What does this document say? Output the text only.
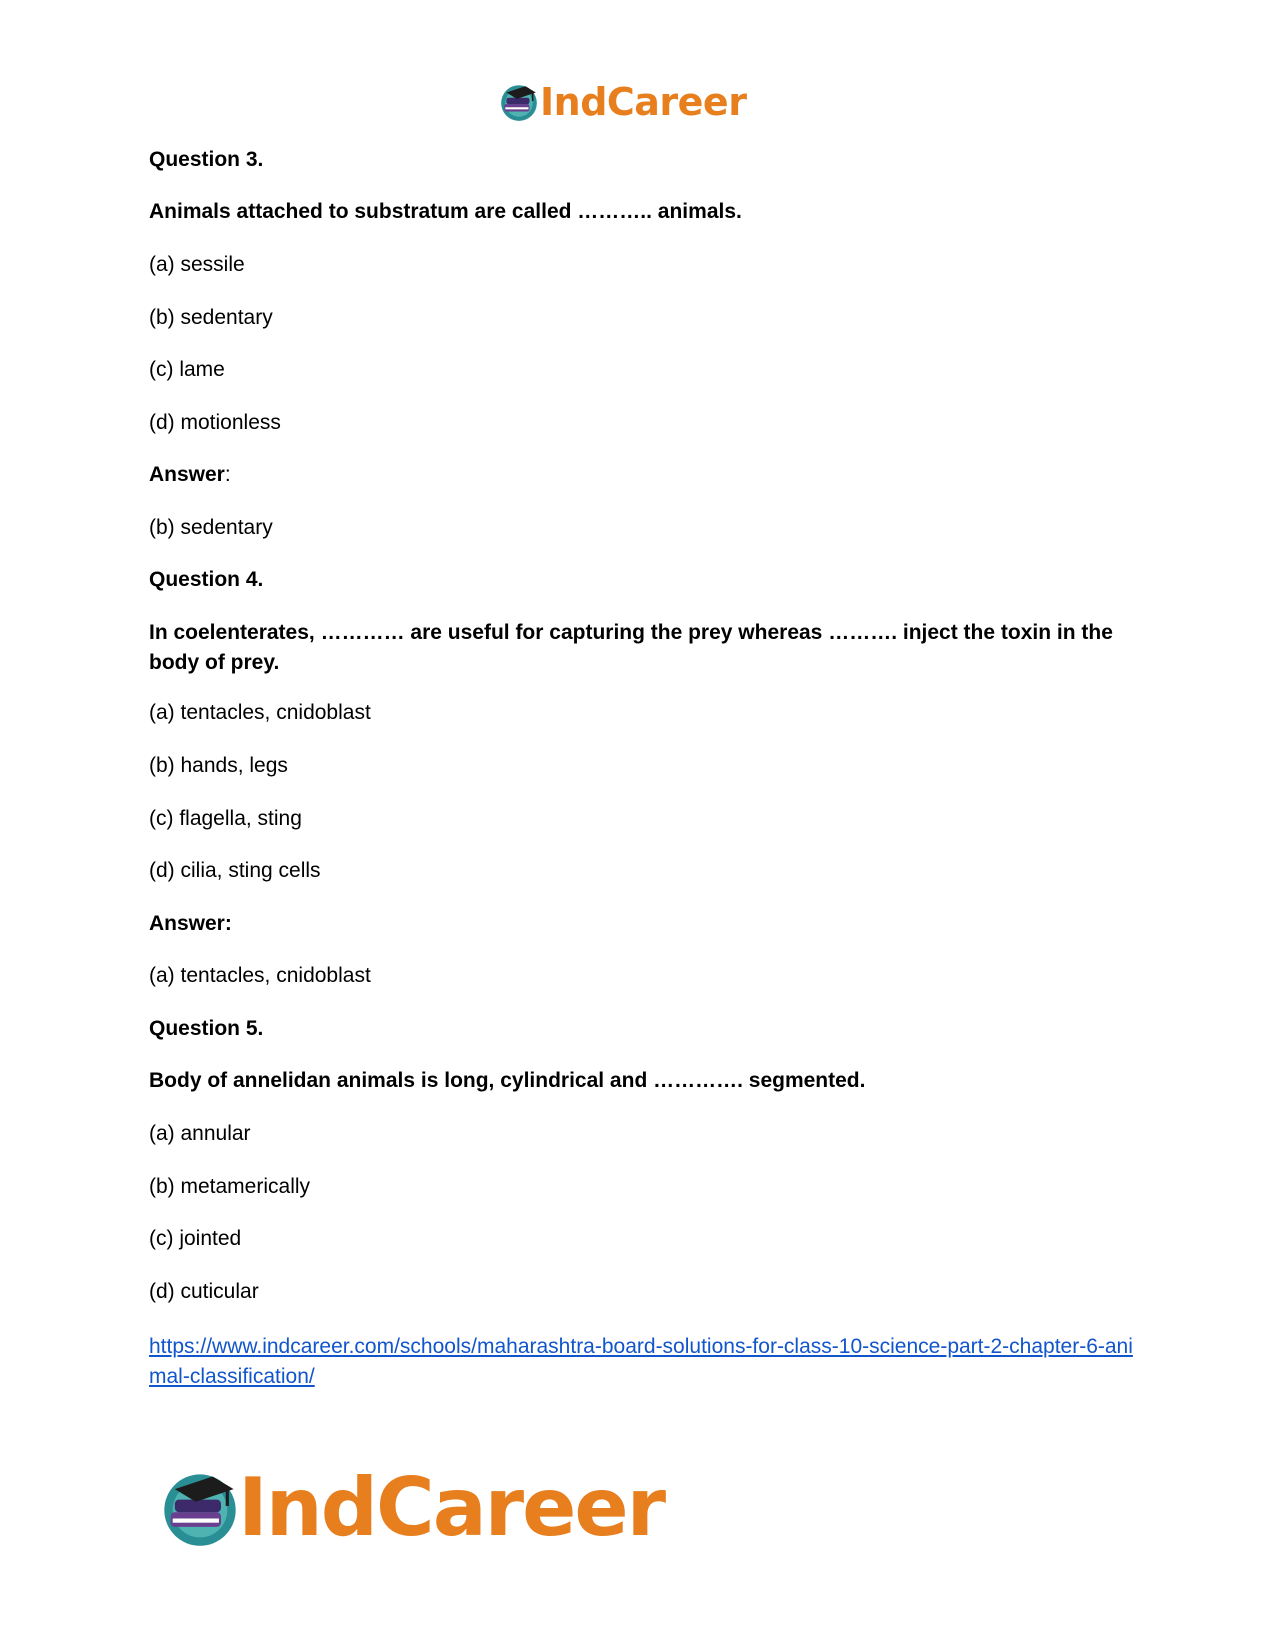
IndCareer

Question 3.

Animals attached to substratum are called ……….. animals.

(a) sessile

(b) sedentary

(c) lame

(d) motionless

Answer:

(b) sedentary

Question 4.

In coelenterates, ………… are useful for capturing the prey whereas ………. inject the toxin in the body of prey.

(a) tentacles, cnidoblast

(b) hands, legs

(c) flagella, sting

(d) cilia, sting cells

Answer:

(a) tentacles, cnidoblast

Question 5.

Body of annelidan animals is long, cylindrical and …………. segmented.

(a) annular

(b) metamerically

(c) jointed

(d) cuticular

https://www.indcareer.com/schools/maharashtra-board-solutions-for-class-10-science-part-2-chapter-6-animal-classification/
IndCareer
